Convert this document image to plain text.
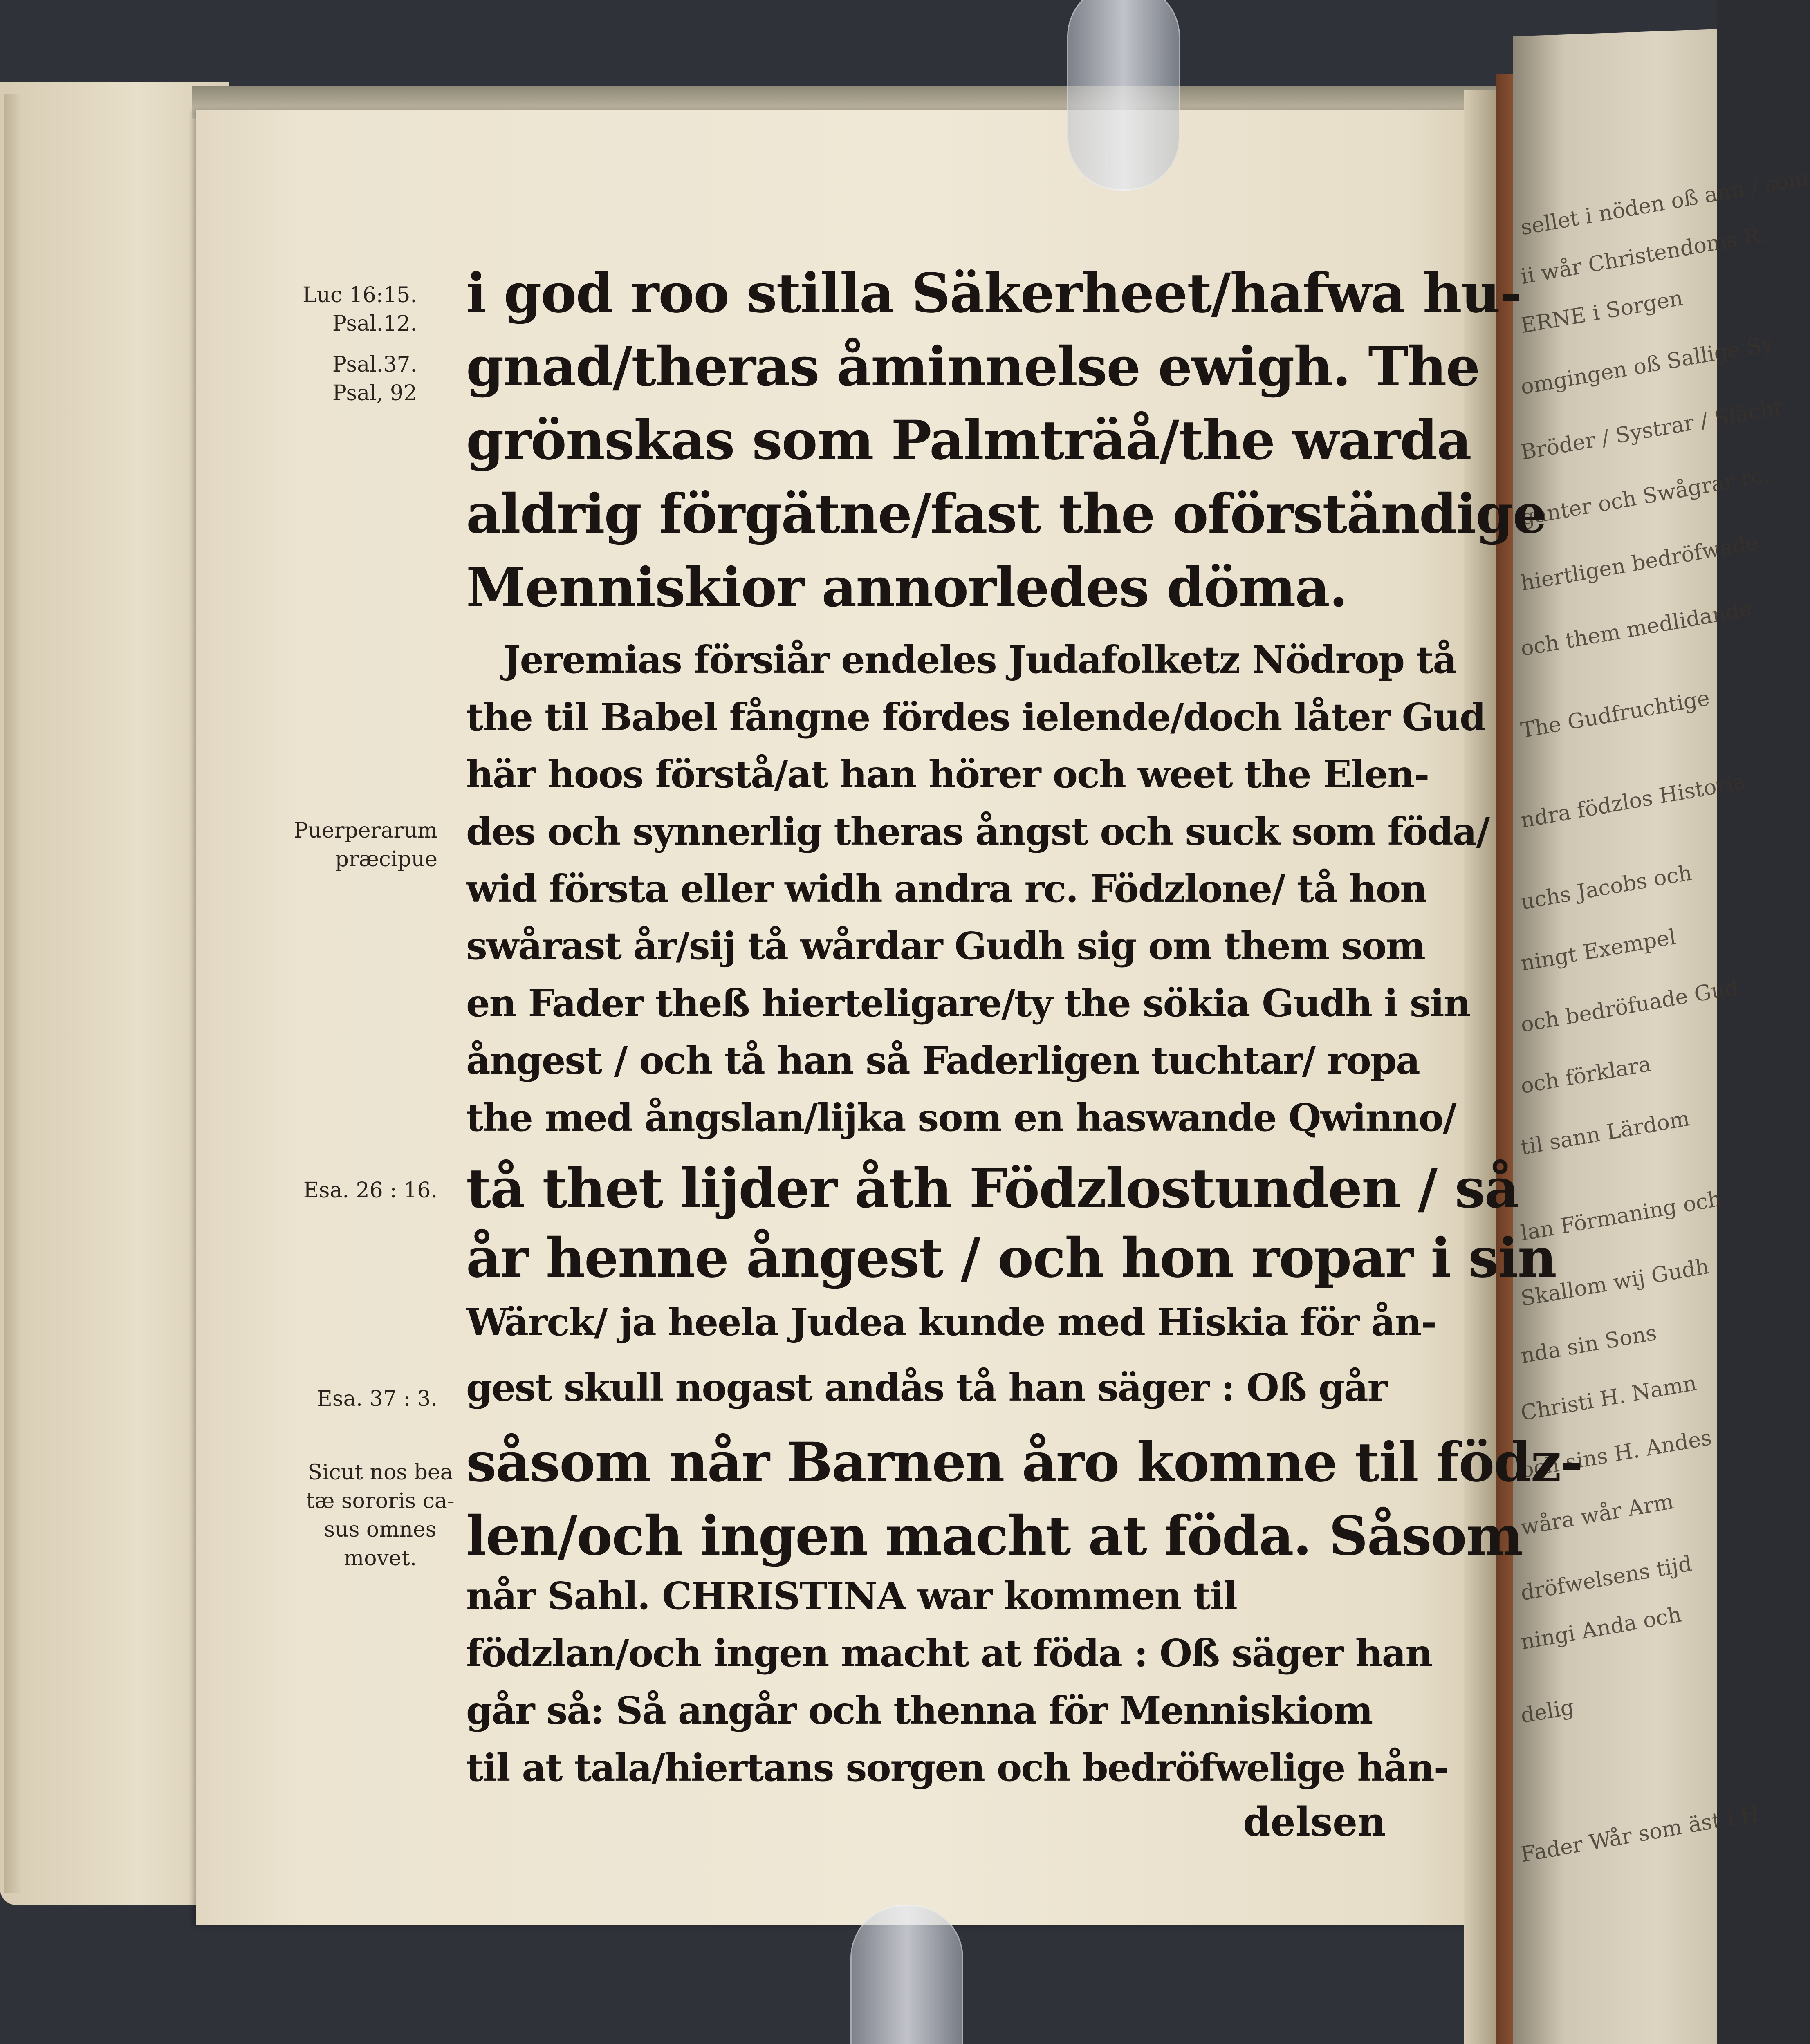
sellet i nöden oß ann / som
ii wår Christendoms R.
ERNE i Sorgen
omgingen oß Sallige Sy
Bröder / Systrar / Slächt
ganter och Swågrar rc.
hiertligen bedröfwade
och them medlidande
The Gudfruchtige
ndra födzlos Historia
uchs Jacobs och
ningt Exempel
och bedröfuade Gud
och förklara
til sann Lärdom
lan Förmaning och
Skallom wij Gudh
nda sin Sons
Christi H. Namn
och sins H. Andes
wåra wår Arm
dröfwelsens tijd
ningi Anda och
delig
Fader Wår som äst i H
Luc 16:15.
Psal.12.
Psal.37.
Psal, 92
Puerperarum
præcipue
Esa. 26 : 16.
Esa. 37 : 3.
Sicut nos bea
tæ sororis ca-
sus omnes
movet.
i god roo stilla Säkerheet/hafwa hu-
gnad/theras åminnelse ewigh. The
grönskas som Palmträå/the warda
aldrig förgätne/fast the oförständige
Menniskior annorledes döma.
Jeremias försiår endeles Judafolketz Nödrop tå
the til Babel fångne fördes ielende/doch låter Gud
här hoos förstå/at han hörer och weet the Elen-
des och synnerlig theras ångst och suck som föda/
wid första eller widh andra rc. Födzlone/ tå hon
swårast år/sij tå wårdar Gudh sig om them som
en Fader theß hierteligare/ty the sökia Gudh i sin
ångest / och tå han så Faderligen tuchtar/ ropa
the med ångslan/lijka som en haswande Qwinno/
tå thet lijder åth Födzlostunden / så
år henne ångest / och hon ropar i sin
Wärck/ ja heela Judea kunde med Hiskia för ån-
gest skull nogast andås tå han säger : Oß går
såsom når Barnen åro komne til födz-
len/och ingen macht at föda. Såsom
når Sahl. CHRISTINA war kommen til
födzlan/och ingen macht at föda : Oß säger han
går så: Så angår och thenna för Menniskiom
til at tala/hiertans sorgen och bedröfwelige hån-
delsen
